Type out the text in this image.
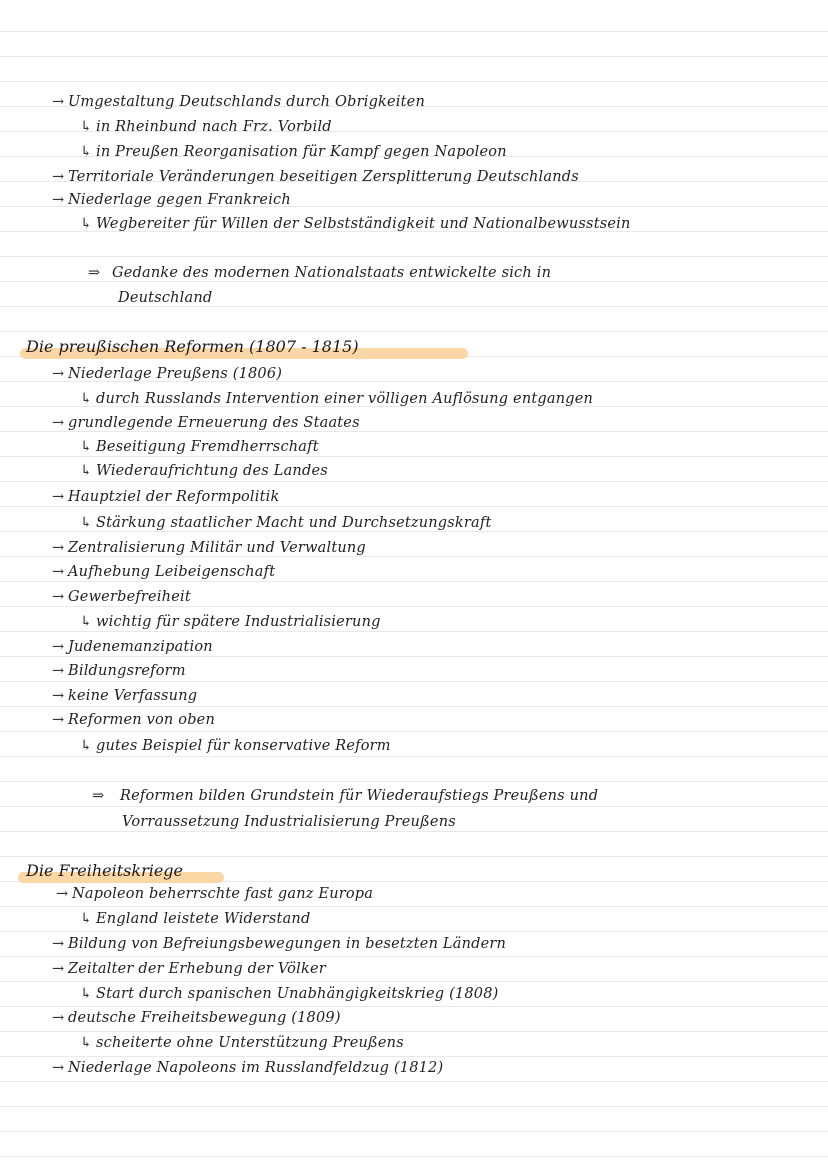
→ Umgestaltung Deutschlands durch Obrigkeiten
↳ in Rheinbund nach Frz. Vorbild
↳ in Preußen Reorganisation für Kampf gegen Napoleon
→ Territoriale Veränderungen beseitigen Zersplitterung Deutschlands
→ Niederlage gegen Frankreich
↳ Wegbereiter für Willen der Selbstständigkeit und Nationalbewusstsein
⇒ Gedanke des modernen Nationalstaats entwickelte sich in
Deutschland
Die preußischen Reformen (1807 - 1815)
→ Niederlage Preußens (1806)
↳ durch Russlands Intervention einer völligen Auflösung entgangen
→ grundlegende Erneuerung des Staates
↳ Beseitigung Fremdherrschaft
↳ Wiederaufrichtung des Landes
→ Hauptziel der Reformpolitik
↳ Stärkung staatlicher Macht und Durchsetzungskraft
→ Zentralisierung Militär und Verwaltung
→ Aufhebung Leibeigenschaft
→ Gewerbefreiheit
↳ wichtig für spätere Industrialisierung
→ Judenemanzipation
→ Bildungsreform
→ keine Verfassung
→ Reformen von oben
↳ gutes Beispiel für konservative Reform
⇒ Reformen bilden Grundstein für Wiederaufstiegs Preußens und
Vorraussetzung Industrialisierung Preußens
Die Freiheitskriege
→ Napoleon beherrschte fast ganz Europa
↳ England leistete Widerstand
→ Bildung von Befreiungsbewegungen in besetzten Ländern
→ Zeitalter der Erhebung der Völker
↳ Start durch spanischen Unabhängigkeitskrieg (1808)
→ deutsche Freiheitsbewegung (1809)
↳ scheiterte ohne Unterstützung Preußens
→ Niederlage Napoleons im Russlandfeldzug (1812)
